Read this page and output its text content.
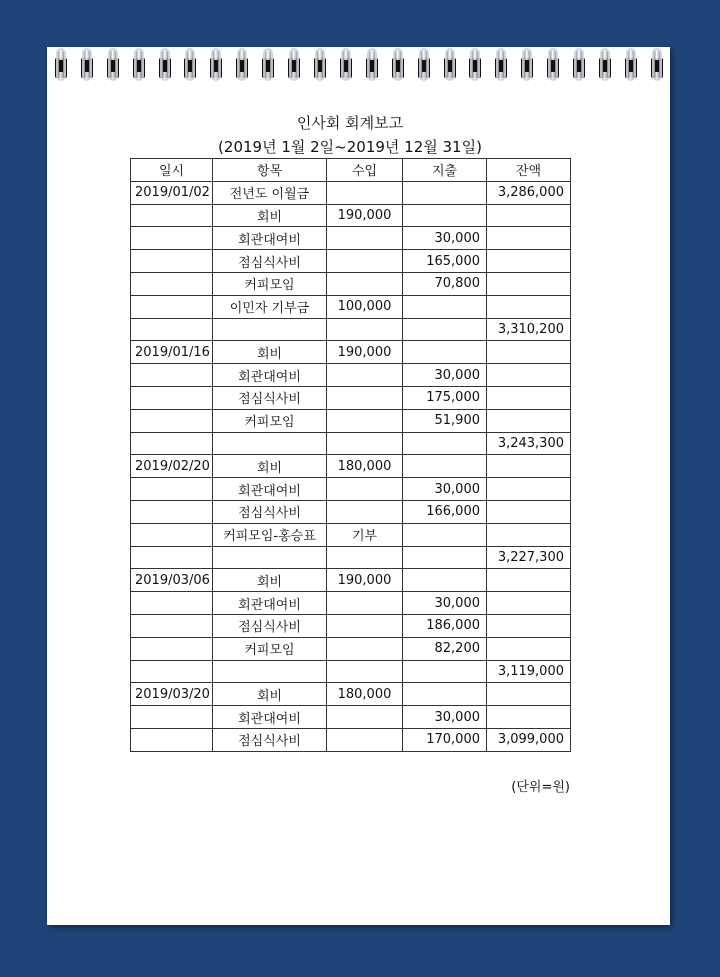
인사회 회계보고
(2019년 1월 2일~2019년 12월 31일)
일시	항목	수입	지출	잔액
2019/01/02	전년도 이월금			3,286,000
	회비	190,000		
	회관대여비		30,000	
	점심식사비		165,000	
	커피모임		70,800	
	이민자 기부금	100,000		
				3,310,200
2019/01/16	회비	190,000		
	회관대여비		30,000	
	점심식사비		175,000	
	커피모임		51,900	
				3,243,300
2019/02/20	회비	180,000		
	회관대여비		30,000	
	점심식사비		166,000	
	커피모임-홍승표	기부		
				3,227,300
2019/03/06	회비	190,000		
	회관대여비		30,000	
	점심식사비		186,000	
	커피모임		82,200	
				3,119,000
2019/03/20	회비	180,000		
	회관대여비		30,000	
	점심식사비		170,000	3,099,000
(단위=원)
